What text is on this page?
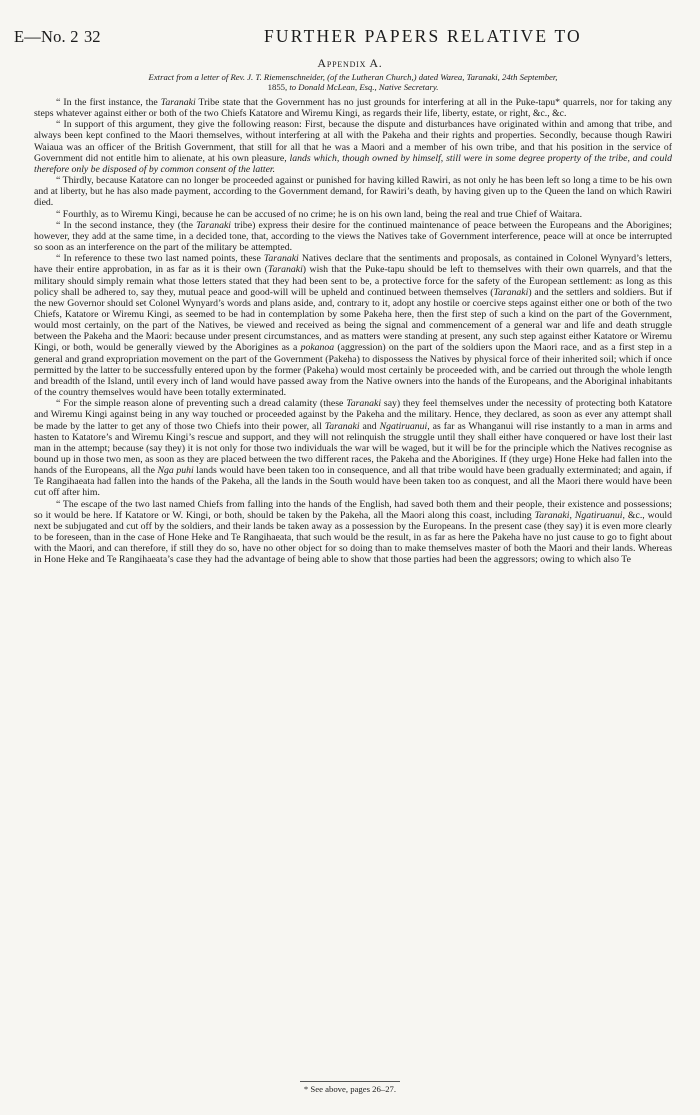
E—No. 2 32	FURTHER PAPERS RELATIVE TO
Appendix A.
Extract from a letter of Rev. J. T. Riemenschneider, (of the Lutheran Church,) dated Warea, Taranaki, 24th September,
1855, to Donald McLean, Esq., Native Secretary.

“ In the first instance, the Taranaki Tribe state that the Government has no just grounds for interfering at all in the Puke-tapu* quarrels, nor for taking any steps whatever against either or both of the two Chiefs Katatore and Wiremu Kingi, as regards their life, liberty, estate, or right, &c., &c.

“ In support of this argument, they give the following reason: First, because the dispute and disturbances have originated within and among that tribe, and always been kept confined to the Maori themselves, without interfering at all with the Pakeha and their rights and properties. Secondly, because though Rawiri Waiaua was an officer of the British Government, that still for all that he was a Maori and a member of his own tribe, and that his position in the service of Government did not entitle him to alienate, at his own pleasure, lands which, though owned by himself, still were in some degree property of the tribe, and could therefore only be disposed of by common consent of the latter.

“ Thirdly, because Katatore can no longer be proceeded against or punished for having killed Rawiri, as not only he has been left so long a time to be his own and at liberty, but he has also made payment, according to the Government demand, for Rawiri’s death, by having given up to the Queen the land on which Rawiri died.

“ Fourthly, as to Wiremu Kingi, because he can be accused of no crime; he is on his own land, being the real and true Chief of Waitara.

“ In the second instance, they (the Taranaki tribe) express their desire for the continued maintenance of peace between the Europeans and the Aborigines; however, they add at the same time, in a decided tone, that, according to the views the Natives take of Government interference, peace will at once be interrupted so soon as an interference on the part of the military be attempted.

“ In reference to these two last named points, these Taranaki Natives declare that the sentiments and proposals, as contained in Colonel Wynyard’s letters, have their entire approbation, in as far as it is their own (Taranaki) wish that the Puke-tapu should be left to themselves with their own quarrels, and that the military should simply remain what those letters stated that they had been sent to be, a protective force for the safety of the European settlement: as long as this policy shall be adhered to, say they, mutual peace and good-will will be upheld and continued between themselves (Taranaki) and the settlers and soldiers. But if the new Governor should set Colonel Wynyard’s words and plans aside, and, contrary to it, adopt any hostile or coercive steps against either one or both of the two Chiefs, Katatore or Wiremu Kingi, as seemed to be had in contemplation by some Pakeha here, then the first step of such a kind on the part of the Government, would most certainly, on the part of the Natives, be viewed and received as being the signal and commencement of a general war and life and death struggle between the Pakeha and the Maori: because under present circumstances, and as matters were standing at present, any such step against either Katatore or Wiremu Kingi, or both, would be generally viewed by the Aborigines as a pokanoa (aggression) on the part of the soldiers upon the Maori race, and as a first step in a general and grand expropriation movement on the part of the Government (Pakeha) to dispossess the Natives by physical force of their inherited soil; which if once permitted by the latter to be successfully entered upon by the former (Pakeha) would most certainly be proceeded with, and be carried out through the whole length and breadth of the Island, until every inch of land would have passed away from the Native owners into the hands of the Europeans, and the Aboriginal inhabitants of the country themselves would have been totally exterminated.

“ For the simple reason alone of preventing such a dread calamity (these Taranaki say) they feel themselves under the necessity of protecting both Katatore and Wiremu Kingi against being in any way touched or proceeded against by the Pakeha and the military. Hence, they declared, as soon as ever any attempt shall be made by the latter to get any of those two Chiefs into their power, all Taranaki and Ngatiruanui, as far as Whanganui will rise instantly to a man in arms and hasten to Katatore’s and Wiremu Kingi’s rescue and support, and they will not relinquish the struggle until they shall either have conquered or have lost their last man in the attempt; because (say they) it is not only for those two individuals the war will be waged, but it will be for the principle which the Natives recognise as bound up in those two men, as soon as they are placed between the two different races, the Pakeha and the Aborigines. If (they urge) Hone Heke had fallen into the hands of the Europeans, all the Nga puhi lands would have been taken too in consequence, and all that tribe would have been gradually exterminated; and again, if Te Rangihaeata had fallen into the hands of the Pakeha, all the lands in the South would have been taken too as conquest, and all the Maori there would have been cut off after him.

“ The escape of the two last named Chiefs from falling into the hands of the English, had saved both them and their people, their existence and possessions; so it would be here. If Katatore or W. Kingi, or both, should be taken by the Pakeha, all the Maori along this coast, including Taranaki, Ngatiruanui, &c., would next be subjugated and cut off by the soldiers, and their lands be taken away as a possession by the Europeans. In the present case (they say) it is even more clearly to be foreseen, than in the case of Hone Heke and Te Rangihaeata, that such would be the result, in as far as here the Pakeha have no just cause to go to fight about with the Maori, and can therefore, if still they do so, have no other object for so doing than to make themselves master of both the Maori and their lands. Whereas in Hone Heke and Te Rangihaeata’s case they had the advantage of being able to show that those parties had been the aggressors; owing to which also Te

* See above, pages 26–27.
